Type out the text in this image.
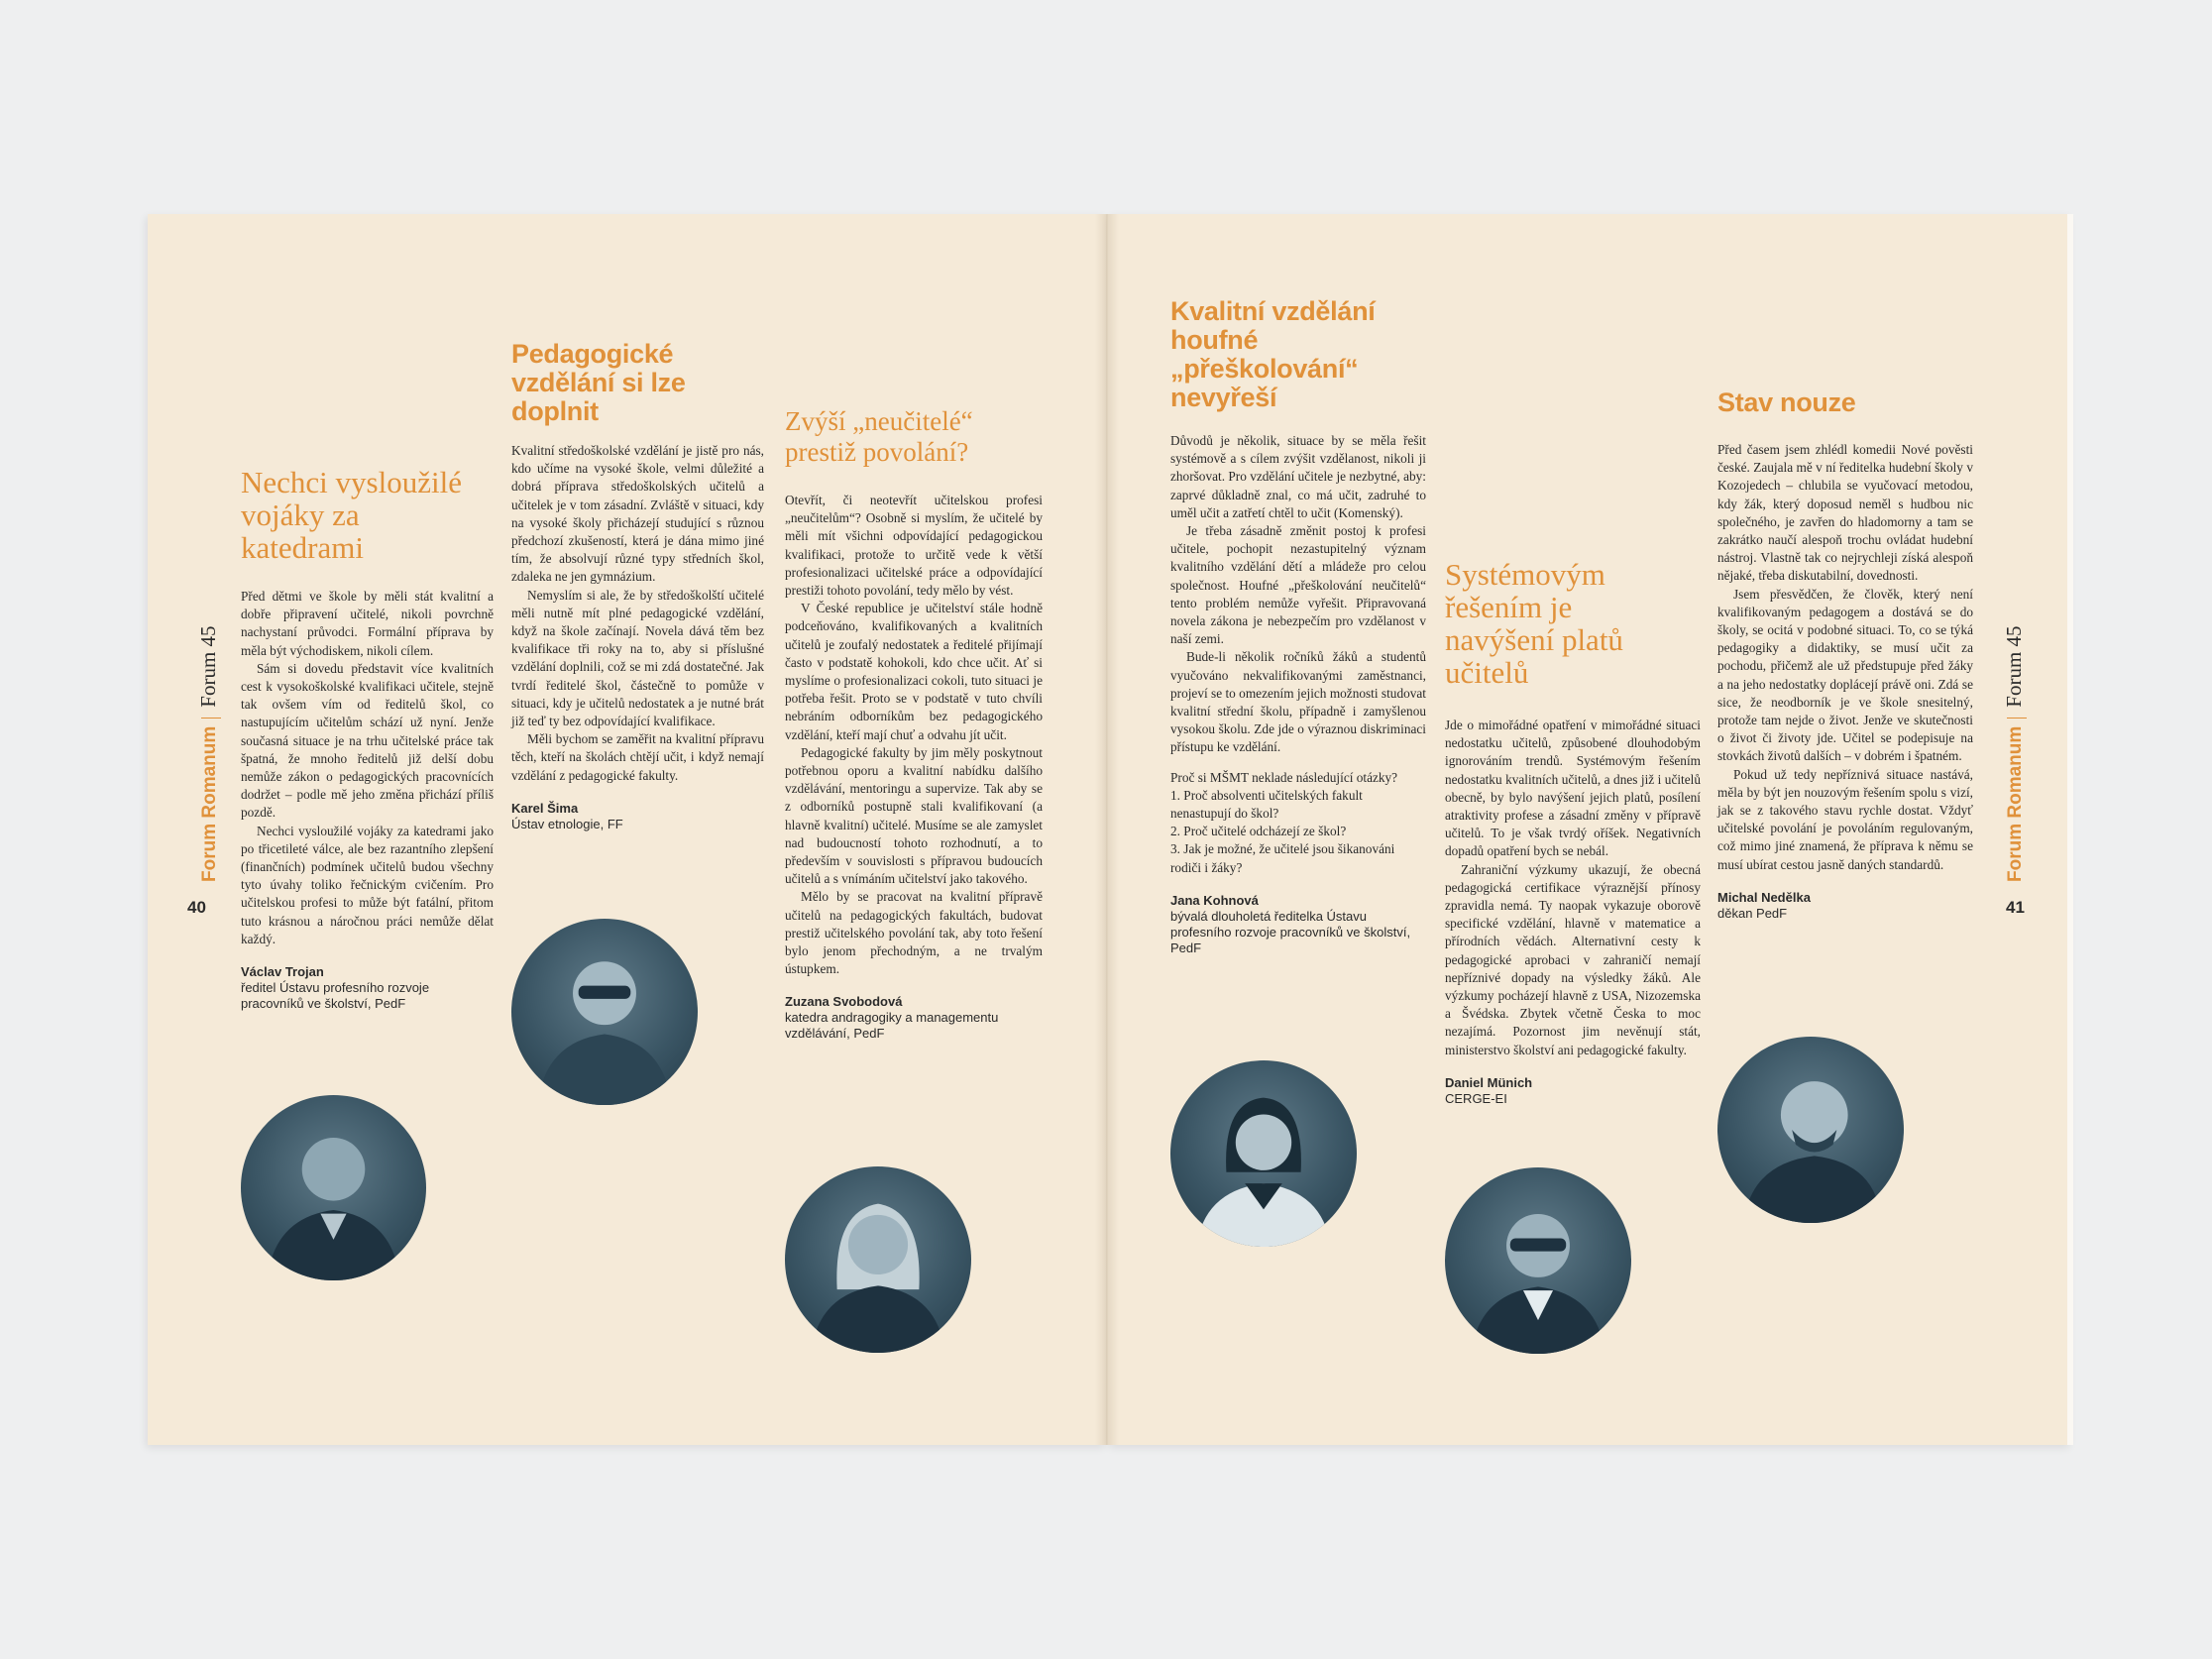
Forum RomanumForum 45
40
Forum RomanumForum 45
41
Nechci vysloužilé vojáky za katedrami

Před dětmi ve škole by měli stát kvalitní a dobře připravení učitelé, nikoli povrchně nachystaní průvodci. Formální příprava by měla být východiskem, nikoli cílem.

Sám si dovedu představit více kvalitních cest k vysokoškolské kvalifikaci učitele, stejně tak ovšem vím od ředitelů škol, co nastupujícím učitelům schází už nyní. Jenže současná situace je na trhu učitelské práce tak špatná, že mnoho ředitelů již delší dobu nemůže zákon o pedagogických pracovnících dodržet – podle mě jeho změna přichází příliš pozdě.

Nechci vysloužilé vojáky za katedrami jako po třicetileté válce, ale bez razantního zlepšení (finančních) podmínek učitelů budou všechny tyto úvahy toliko řečnickým cvičením. Pro učitelskou profesi to může být fatální, přitom tuto krásnou a náročnou práci nemůže dělat každý.

Václav Trojan
ředitel Ústavu profesního rozvoje pracovníků ve školství, PedF
Pedagogické vzdělání si lze doplnit

Kvalitní středoškolské vzdělání je jistě pro nás, kdo učíme na vysoké škole, velmi důležité a dobrá příprava středoškolských učitelů a učitelek je v tom zásadní. Zvláště v situaci, kdy na vysoké školy přicházejí studující s různou předchozí zkušeností, která je dána mimo jiné tím, že absolvují různé typy středních škol, zdaleka ne jen gymnázium.

Nemyslím si ale, že by středoškolští učitelé měli nutně mít plné pedagogické vzdělání, když na škole začínají. Novela dává těm bez kvalifikace tři roky na to, aby si příslušné vzdělání doplnili, což se mi zdá dostatečné. Jak tvrdí ředitelé škol, částečně to pomůže v situaci, kdy je učitelů nedostatek a je nutné brát již teď ty bez odpovídající kvalifikace.

Měli bychom se zaměřit na kvalitní přípravu těch, kteří na školách chtějí učit, i když nemají vzdělání z pedagogické fakulty.

Karel Šima
Ústav etnologie, FF
Zvýší „neučitelé“ prestiž povolání?

Otevřít, či neotevřít učitelskou profesi „neučitelům“? Osobně si myslím, že učitelé by měli mít všichni odpovídající pedagogickou kvalifikaci, protože to určitě vede k větší profesionalizaci učitelské práce a odpovídající prestiži tohoto povolání, tedy mělo by vést.

V České republice je učitelství stále hodně podceňováno, kvalifikovaných a kvalitních učitelů je zoufalý nedostatek a ředitelé přijímají často v podstatě kohokoli, kdo chce učit. Ať si myslíme o profesionalizaci cokoli, tuto situaci je potřeba řešit. Proto se v podstatě v tuto chvíli nebráním odborníkům bez pedagogického vzdělání, kteří mají chuť a odvahu jít učit.

Pedagogické fakulty by jim měly poskytnout potřebnou oporu a kvalitní nabídku dalšího vzdělávání, mentoringu a supervize. Tak aby se z odborníků postupně stali kvalifikovaní (a hlavně kvalitní) učitelé. Musíme se ale zamyslet nad budoucností tohoto rozhodnutí, a to především v souvislosti s přípravou budoucích učitelů a s vnímáním učitelství jako takového.

Mělo by se pracovat na kvalitní přípravě učitelů na pedagogických fakultách, budovat prestiž učitelského povolání tak, aby toto řešení bylo jenom přechodným, a ne trvalým ústupkem.

Zuzana Svobodová
katedra andragogiky a managementu vzdělávání, PedF
Kvalitní vzdělání houfné „přeškolování“ nevyřeší

Důvodů je několik, situace by se měla řešit systémově a s cílem zvýšit vzdělanost, nikoli ji zhoršovat. Pro vzdělání učitele je nezbytné, aby: zaprvé důkladně znal, co má učit, zadruhé to uměl učit a zatřetí chtěl to učit (Komenský).

Je třeba zásadně změnit postoj k profesi učitele, pochopit nezastupitelný význam kvalitního vzdělání dětí a mládeže pro celou společnost. Houfné „přeškolování neučitelů“ tento problém nemůže vyřešit. Připravovaná novela zákona je nebezpečím pro vzdělanost v naší zemi.

Bude-li několik ročníků žáků a studentů vyučováno nekvalifikovanými zaměstnanci, projeví se to omezením jejich možnosti studovat kvalitní střední školu, případně i zamyšlenou vysokou školu. Zde jde o výraznou diskriminaci přístupu ke vzdělání.

Proč si MŠMT neklade následující otázky?

1. Proč absolventi učitelských fakult nenastupují do škol?

2. Proč učitelé odcházejí ze škol?

3. Jak je možné, že učitelé jsou šikanováni rodiči i žáky?

Jana Kohnová
bývalá dlouholetá ředitelka Ústavu profesního rozvoje pracovníků ve školství, PedF
Systémovým řešením je navýšení platů učitelů

Jde o mimořádné opatření v mimořádné situaci nedostatku učitelů, způsobené dlouhodobým ignorováním trendů. Systémovým řešením nedostatku kvalitních učitelů, a dnes již i učitelů obecně, by bylo navýšení jejich platů, posílení atraktivity profese a zásadní změny v přípravě učitelů. To je však tvrdý oříšek. Negativních dopadů opatření bych se nebál.

Zahraniční výzkumy ukazují, že obecná pedagogická certifikace výraznější přínosy zpravidla nemá. Ty naopak vykazuje oborově specifické vzdělání, hlavně v matematice a přírodních vědách. Alternativní cesty k pedagogické aprobaci v zahraničí nemají nepříznivé dopady na výsledky žáků. Ale výzkumy pocházejí hlavně z USA, Nizozemska a Švédska. Zbytek včetně Česka to moc nezajímá. Pozornost jim nevěnují stát, ministerstvo školství ani pedagogické fakulty.

Daniel Münich
CERGE-EI
Stav nouze

Před časem jsem zhlédl komedii Nové pověsti české. Zaujala mě v ní ředitelka hudební školy v Kozojedech – chlubila se vyučovací metodou, kdy žák, který doposud neměl s hudbou nic společného, je zavřen do hladomorny a tam se zakrátko naučí alespoň trochu ovládat hudební nástroj. Vlastně tak co nejrychleji získá alespoň nějaké, třeba diskutabilní, dovednosti.

Jsem přesvědčen, že člověk, který není kvalifikovaným pedagogem a dostává se do školy, se ocitá v podobné situaci. To, co se týká pedagogiky a didaktiky, se musí učit za pochodu, přičemž ale už předstupuje před žáky a na jeho nedostatky doplácejí právě oni. Zdá se sice, že neodborník je ve škole snesitelný, protože tam nejde o život. Jenže ve skutečnosti o život či životy jde. Učitel se podepisuje na stovkách životů dalších – v dobrém i špatném.

Pokud už tedy nepříznivá situace nastává, měla by být jen nouzovým řešením spolu s vizí, jak se z takového stavu rychle dostat. Vždyť učitelské povolání je povoláním regulovaným, což mimo jiné znamená, že příprava k němu se musí ubírat cestou jasně daných standardů.

Michal Nedělka
děkan PedF
